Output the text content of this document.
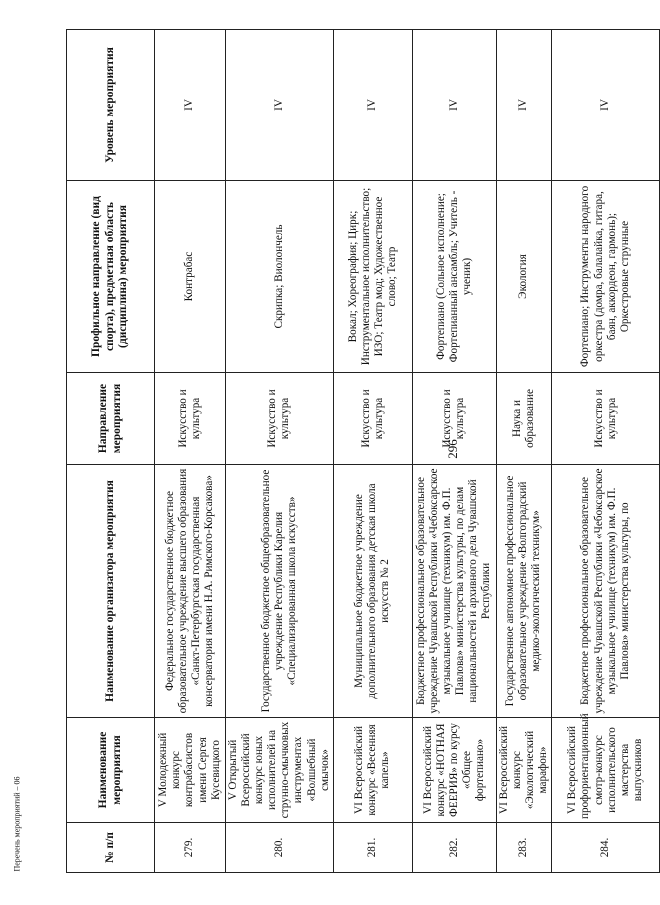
296
Перечень мероприятий – 06	№ п/п	Наименование мероприятия	Наименование организатора мероприятия	Направление мероприятия	Профильное направление (вид спорта), предметная область (дисциплина) мероприятия	Уровень мероприятия
279.	V Молодежный конкурс контрабасистов имени Сергея Кусевицкого	Федеральное государственное бюджетное образовательное учреждение высшего образования «Санкт-Петербургская государственная консерватория имени Н.А. Римского-Корсакова»	Искусство и культура	Контрабас	IV
280.	V Открытый Всероссийский конкурс юных исполнителей на струнно-смычковых инструментах «Волшебный смычок»	Государственное бюджетное общеобразовательное учреждение Республики Карелия «Специализированная школа искусств»	Искусство и культура	Скрипка; Виолончель	IV
281.	VI Всероссийский конкурс «Весенняя капель»	Муниципальное бюджетное учреждение дополнительного образования детская школа искусств № 2	Искусство и культура	Вокал; Хореография; Цирк; Инструментальное исполнительство; ИЗО; Театр мод; Художественное слово; Театр	IV
282.	VI Всероссийский конкурс «НОТНАЯ ФЕЕРИЯ» по курсу «Общее фортепиано»	Бюджетное профессиональное образовательное учреждение Чувашской Республики «Чебоксарское музыкальное училище (техникум) им. Ф.П. Павлова» министерства культуры, по делам национальностей и архивного дела Чувашской Республики	Искусство и культура	Фортепиано (Сольное исполнение; Фортепианный ансамбль; Учитель - ученик)	IV
283.	VI Всероссийский конкурс «Экологический марафон»	Государственное автономное профессиональное образовательное учреждение «Волгоградский медико-экологический техникум»	Наука и образование	Экология	IV
284.	VI Всероссийский профориентационный смотр-конкурс исполнительского мастерства выпускников	Бюджетное профессиональное образовательное учреждение Чувашской Республики «Чебоксарское музыкальное училище (техникум) им. Ф.П. Павлова» министерства культуры, по	Искусство и культура	Фортепиано; Инструменты народного оркестра (домра, балалайка, гитара, баян, аккордеон, гармонь); Оркестровые струнные	IV
